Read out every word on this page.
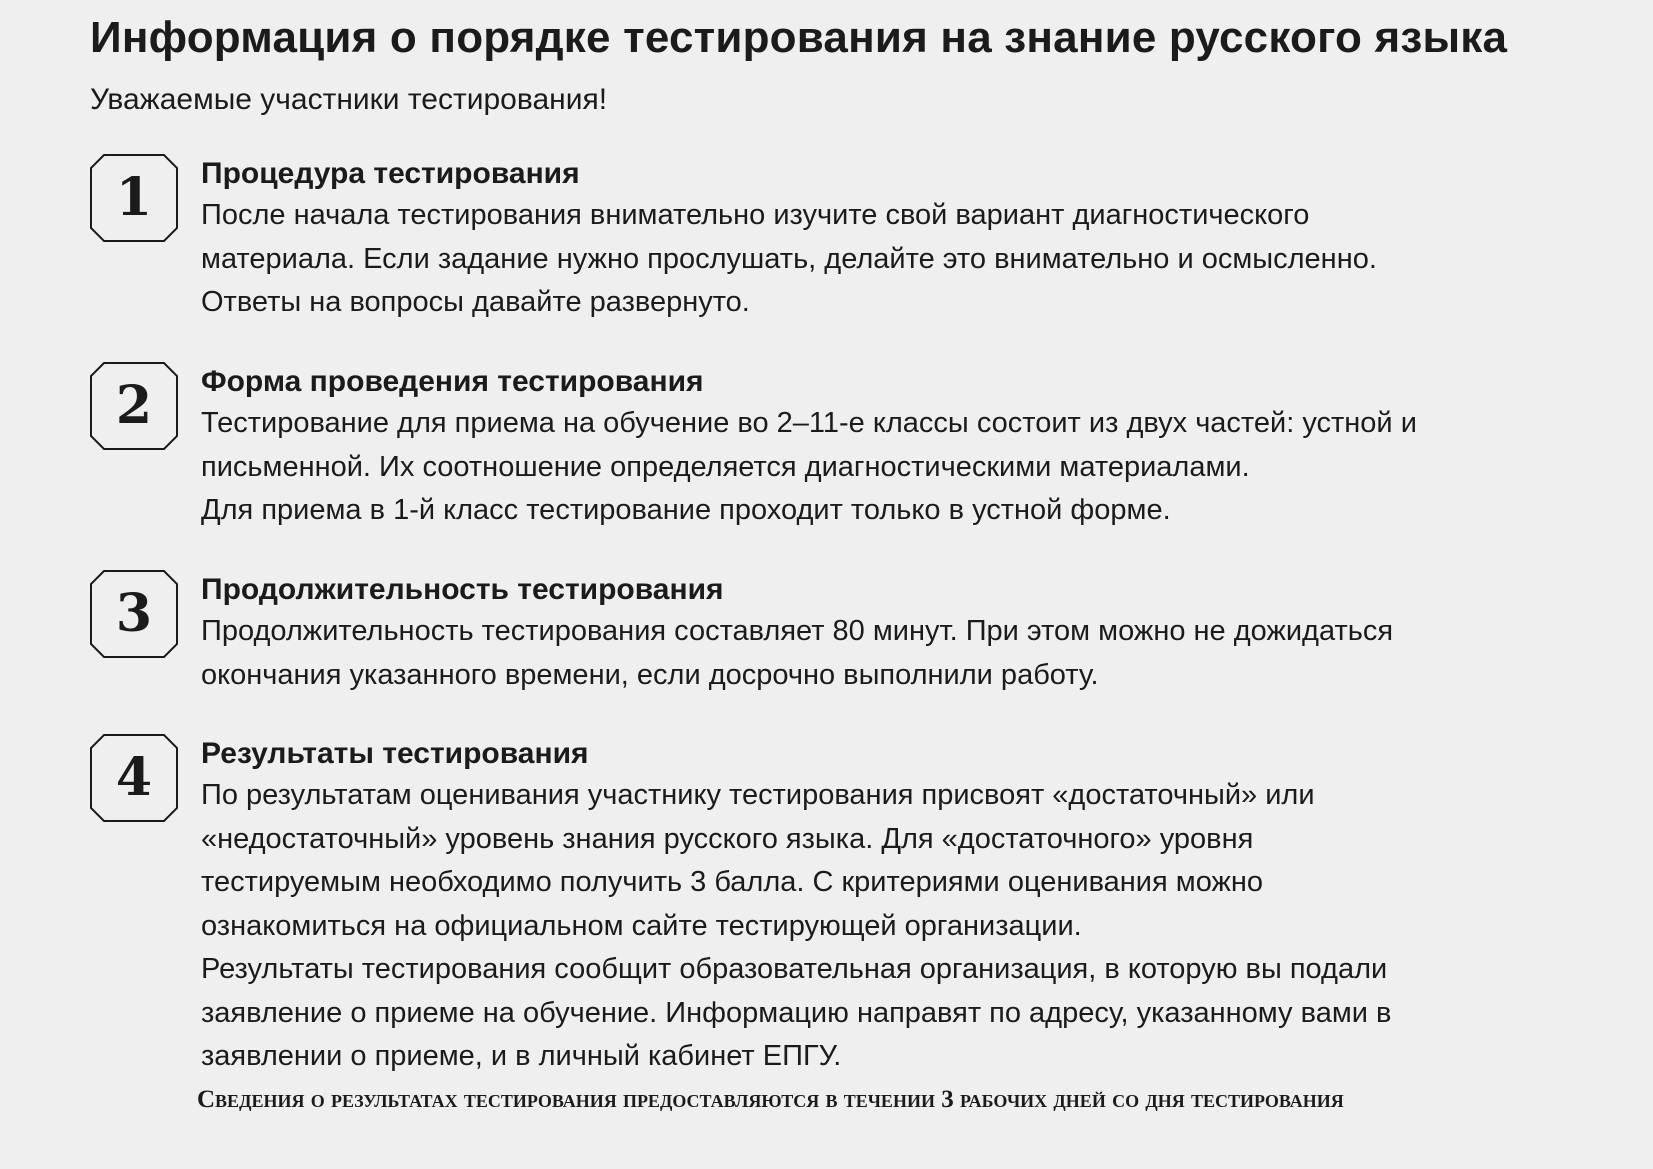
Информация о порядке тестирования на знание русского языка

Уважаемые участники тестирования!

1	Процедура тестирования

После начала тестирования внимательно изучите свой вариант диагностического

материала. Если задание нужно прослушать, делайте это внимательно и осмысленно.

Ответы на вопросы давайте развернуто.

2	Форма проведения тестирования

Тестирование для приема на обучение во 2–11-е классы состоит из двух частей: устной и

письменной. Их соотношение определяется диагностическими материалами.

Для приема в 1-й класс тестирование проходит только в устной форме.

3	Продолжительность тестирования

Продолжительность тестирования составляет 80 минут. При этом можно не дожидаться

окончания указанного времени, если досрочно выполнили работу.

4	Результаты тестирования

По результатам оценивания участнику тестирования присвоят «достаточный» или

«недостаточный» уровень знания русского языка. Для «достаточного» уровня

тестируемым необходимо получить 3 балла. С критериями оценивания можно

ознакомиться на официальном сайте тестирующей организации.

Результаты тестирования сообщит образовательная организация, в которую вы подали

заявление о приеме на обучение. Информацию направят по адресу, указанному вами в

заявлении о приеме, и в личный кабинет ЕПГУ.

Сведения о результатах тестирования предоставляются в течении 3 рабочих дней со дня тестирования
